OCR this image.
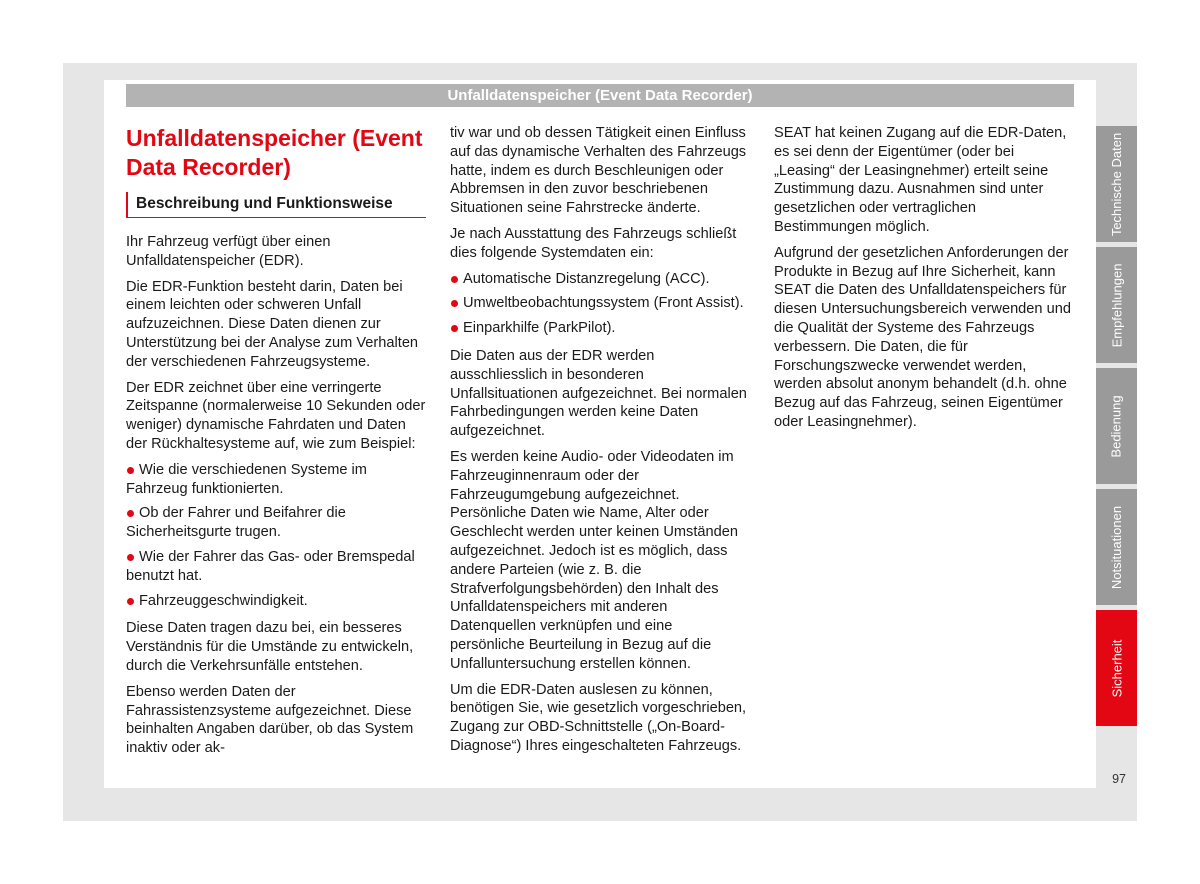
Unfalldatenspeicher (Event Data Recorder)
Unfalldatenspeicher (Event Data Recorder)
Beschreibung und Funktionsweise

Ihr Fahrzeug verfügt über einen Unfalldatenspeicher (EDR).

Die EDR-Funktion besteht darin, Daten bei einem leichten oder schweren Unfall aufzuzeichnen. Diese Daten dienen zur Unterstützung bei der Analyse zum Verhalten der verschiedenen Fahrzeugsysteme.

Der EDR zeichnet über eine verringerte Zeitspanne (normalerweise 10 Sekunden oder weniger) dynamische Fahrdaten und Daten der Rückhaltesysteme auf, wie zum Beispiel:

Wie die verschiedenen Systeme im Fahrzeug funktionierten.
Ob der Fahrer und Beifahrer die Sicherheitsgurte trugen.
Wie der Fahrer das Gas- oder Bremspedal benutzt hat.
Fahrzeuggeschwindigkeit.

Diese Daten tragen dazu bei, ein besseres Verständnis für die Umstände zu entwickeln, durch die Verkehrsunfälle entstehen.

Ebenso werden Daten der Fahrassistenzsysteme aufgezeichnet. Diese beinhalten Angaben darüber, ob das System inaktiv oder ak-

tiv war und ob dessen Tätigkeit einen Einfluss auf das dynamische Verhalten des Fahrzeugs hatte, indem es durch Beschleunigen oder Abbremsen in den zuvor beschriebenen Situationen seine Fahrstrecke änderte.

Je nach Ausstattung des Fahrzeugs schließt dies folgende Systemdaten ein:

Automatische Distanzregelung (ACC).
Umweltbeobachtungssystem (Front Assist).
Einparkhilfe (ParkPilot).

Die Daten aus der EDR werden ausschliesslich in besonderen Unfallsituationen aufgezeichnet. Bei normalen Fahrbedingungen werden keine Daten aufgezeichnet.

Es werden keine Audio- oder Videodaten im Fahrzeuginnenraum oder der Fahrzeugumgebung aufgezeichnet. Persönliche Daten wie Name, Alter oder Geschlecht werden unter keinen Umständen aufgezeichnet. Jedoch ist es möglich, dass andere Parteien (wie z. B. die Strafverfolgungsbehörden) den Inhalt des Unfalldatenspeichers mit anderen Datenquellen verknüpfen und eine persönliche Beurteilung in Bezug auf die Unfalluntersuchung erstellen können.

Um die EDR-Daten auslesen zu können, benötigen Sie, wie gesetzlich vorgeschrieben, Zugang zur OBD-Schnittstelle („On-Board-Diagnose“) Ihres eingeschalteten Fahrzeugs.

SEAT hat keinen Zugang auf die EDR-Daten, es sei denn der Eigentümer (oder bei „Leasing“ der Leasingnehmer) erteilt seine Zustimmung dazu. Ausnahmen sind unter gesetzlichen oder vertraglichen Bestimmungen möglich.

Aufgrund der gesetzlichen Anforderungen der Produkte in Bezug auf Ihre Sicherheit, kann SEAT die Daten des Unfalldatenspeichers für diesen Untersuchungsbereich verwenden und die Qualität der Systeme des Fahrzeugs verbessern. Die Daten, die für Forschungszwecke verwendet werden, werden absolut anonym behandelt (d.h. ohne Bezug auf das Fahrzeug, seinen Eigentümer oder Leasingnehmer).

Technische Daten
Empfehlungen
Bedienung
Notsituationen
Sicherheit
97
